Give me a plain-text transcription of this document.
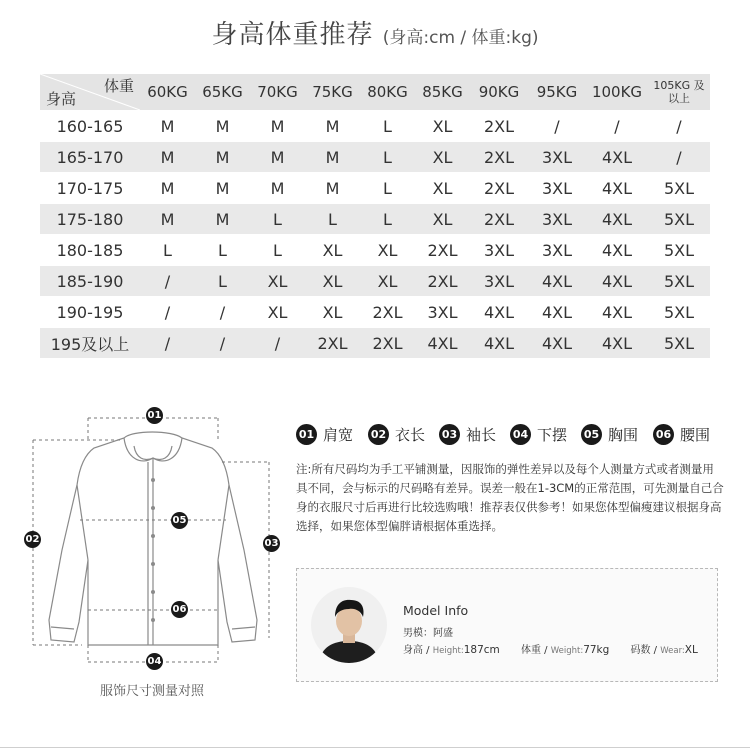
身高体重推荐 (身高:cm / 体重:kg)
体重
身高	60KG	65KG	70KG	75KG	80KG	85KG	90KG	95KG	100KG	105KG 及以上
160-165	M	M	M	M	L	XL	2XL	/	/	/
165-170	M	M	M	M	L	XL	2XL	3XL	4XL	/
170-175	M	M	M	M	L	XL	2XL	3XL	4XL	5XL
175-180	M	M	L	L	L	XL	2XL	3XL	4XL	5XL
180-185	L	L	L	XL	XL	2XL	3XL	3XL	4XL	5XL
185-190	/	L	XL	XL	XL	2XL	3XL	4XL	4XL	5XL
190-195	/	/	XL	XL	2XL	3XL	4XL	4XL	4XL	5XL
195及以上	/	/	/	2XL	2XL	4XL	4XL	4XL	4XL	5XL
01
02	03
04
05
06
服饰尺寸测量对照
01 肩宽 02 衣长 03 袖长 04 下摆 05 胸围 06 腰围
注:所有尺码均为手工平铺测量，因服饰的弹性差异以及每个人测量方式或者测量用具不同，会与标示的尺码略有差异。误差一般在1-3CM的正常范围，可先测量自己合身的衣服尺寸后再进行比较选购哦！推荐表仅供参考！如果您体型偏瘦建议根据身高选择，如果您体型偏胖请根据体重选择。
Model Info
男模：阿盛
身高 / Height:187cm 体重 / Weight:77kg 码数 / Wear:XL
